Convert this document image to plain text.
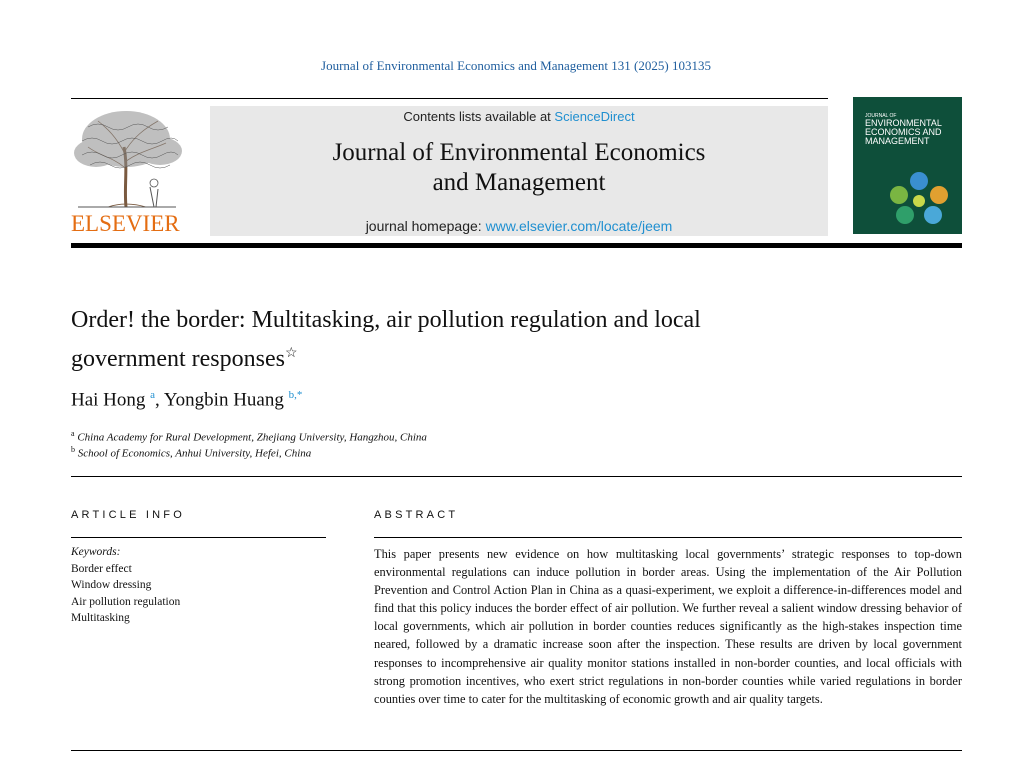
Journal of Environmental Economics and Management 131 (2025) 103135
ELSEVIER
Contents lists available at ScienceDirect
Journal of Environmental Economics
and Management
journal homepage: www.elsevier.com/locate/jeem
JOURNAL OF
ENVIRONMENTAL
ECONOMICS AND
MANAGEMENT
Order! the border: Multitasking, air pollution regulation and local
government responses☆
Hai Hong $^a$, Yongbin Huang $^{b,*}$
$^a$ China Academy for Rural Development, Zhejiang University, Hangzhou, China
$^b$ School of Economics, Anhui University, Hefei, China
ARTICLE INFO	ABSTRACT
Keywords:
Border effect
Window dressing
Air pollution regulation
Multitasking
This paper presents new evidence on how multitasking local governments’ strategic responses to top-down environmental regulations can induce pollution in border areas. Using the implementation of the Air Pollution Prevention and Control Action Plan in China as a quasi-experiment, we exploit a difference-in-differences model and find that this policy induces the border effect of air pollution. We further reveal a salient window dressing behavior of local governments, which air pollution in border counties reduces significantly as the high-stakes inspection time neared, followed by a dramatic increase soon after the inspection. These results are driven by local government responses to incomprehensive air quality monitor stations installed in non-border counties, and local officials with strong promotion incentives, who exert strict regulations in non-border counties while varied regulations in border counties over time to cater for the multitasking of economic growth and air quality targets.
